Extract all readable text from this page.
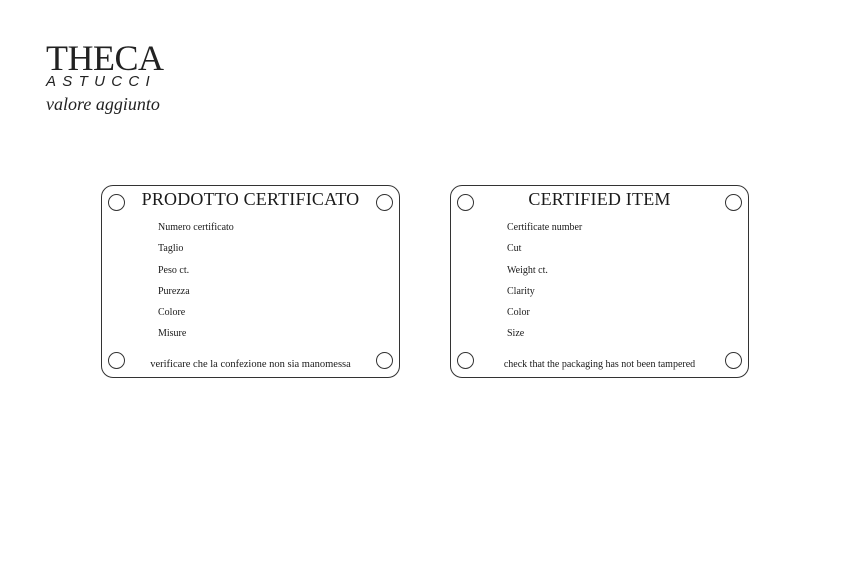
THECA
ASTUCCI
valore aggiunto
PRODOTTO CERTIFICATO
Numero certificato
Taglio
Peso ct.
Purezza
Colore
Misure
verificare che la confezione non sia manomessa
CERTIFIED ITEM
Certificate number
Cut
Weight ct.
Clarity
Color
Size
check that the packaging has not been tampered
